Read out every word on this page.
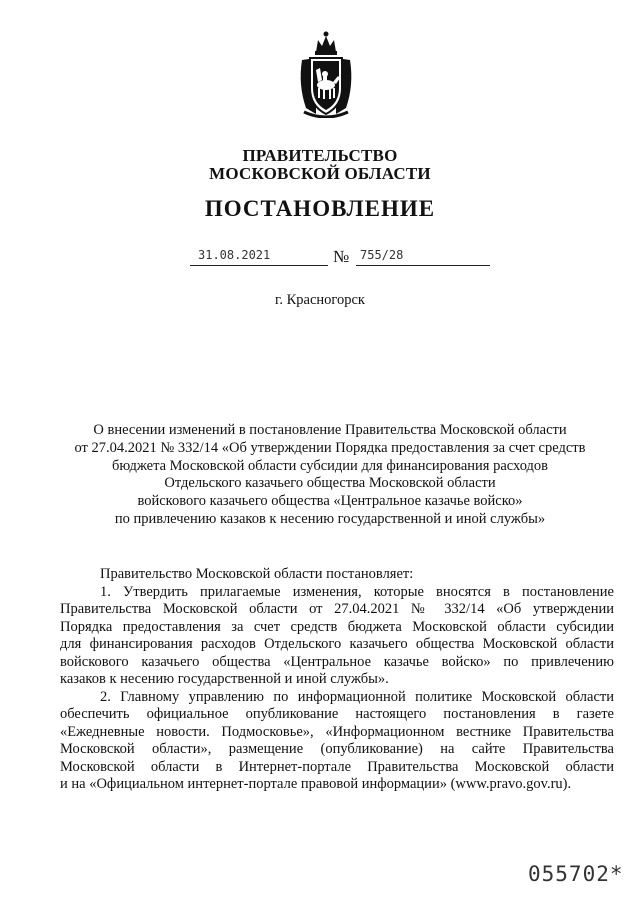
ПРАВИТЕЛЬСТВО
МОСКОВСКОЙ ОБЛАСТИ
ПОСТАНОВЛЕНИЕ
31.08.2021	№ 755/28
г. Красногорск
О внесении изменений в постановление Правительства Московской области
от 27.04.2021 № 332/14 «Об утверждении Порядка предоставления за счет средств
бюджета Московской области субсидии для финансирования расходов
Отдельского казачьего общества Московской области
войскового казачьего общества «Центральное казачье войско»
по привлечению казаков к несению государственной и иной службы»
Правительство Московской области постановляет:
1. Утвердить прилагаемые изменения, которые вносятся в постановление
Правительства Московской области от 27.04.2021 № 332/14 «Об утверждении
Порядка предоставления за счет средств бюджета Московской области субсидии
для финансирования расходов Отдельского казачьего общества Московской области
войскового казачьего общества «Центральное казачье войско» по привлечению
казаков к несению государственной и иной службы».
2. Главному управлению по информационной политике Московской области
обеспечить официальное опубликование настоящего постановления в газете
«Ежедневные новости. Подмосковье», «Информационном вестнике Правительства
Московской области», размещение (опубликование) на сайте Правительства
Московской области в Интернет-портале Правительства Московской области
и на «Официальном интернет-портале правовой информации» (www.pravo.gov.ru).
055702*
